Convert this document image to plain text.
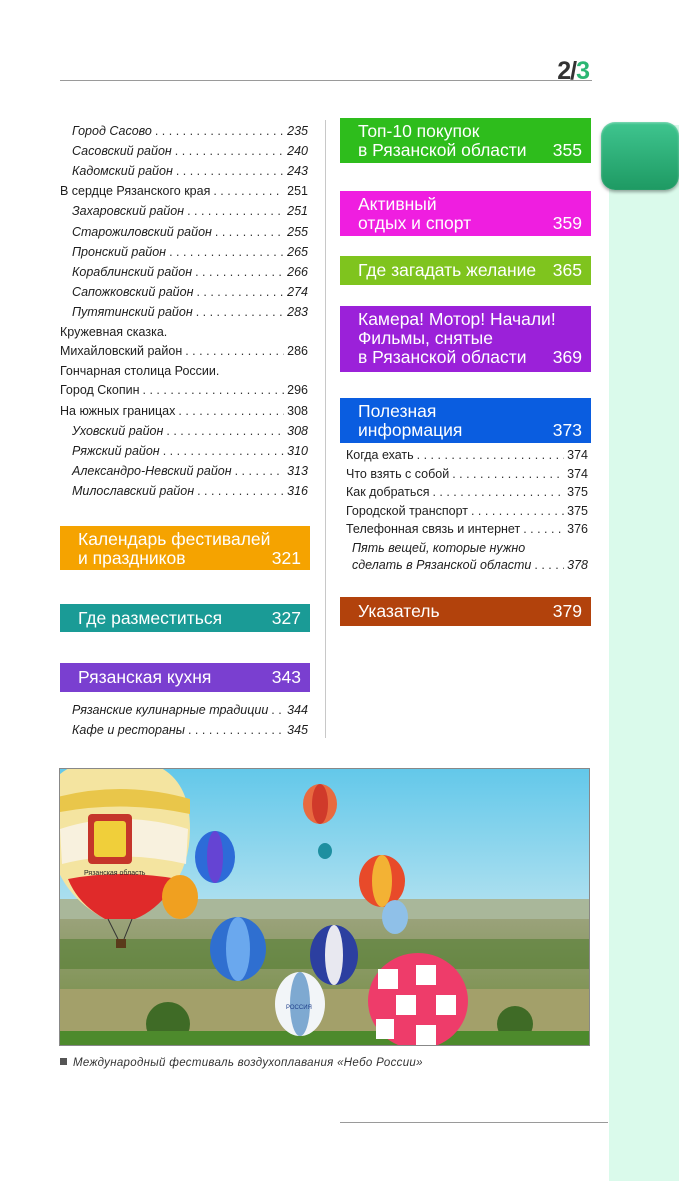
2/3
Город Сасово . . .	235
Сасовский район . . .	240
Кадомский район . . .	243
В сердце Рязанского края . . .	251
Захаровский район . . .	251
Старожиловский район . . .	255
Пронский район . . .	265
Кораблинский район . . .	266
Сапожковский район . . .	274
Путятинский район . . .	283
Кружевная сказка.
Михайловский район . . .	286
Гончарная столица России.
Город Скопин . . .	296
На южных границах . . .	308
Уховский район . . .	308
Ряжский район . . .	310
Александро-Невский район . . .	313
Милославский район . . .	316
Календарь фестивалей
и праздников	321
Где разместиться	327
Рязанская кухня	343
Рязанские кулинарные традиции . . . 344
Кафе и рестораны . . .	345
Топ-10 покупок
в Рязанской области 355
Активный
отдых и спорт	359
Где загадать желание 365
Камера! Мотор! Начали!
Фильмы, снятые
в Рязанской области	369
Полезная
информация	373
Когда ехать . . .	374
Что взять с собой . . .	374
Как добраться . . .	375
Городской транспорт . . .	375
Телефонная связь и интернет . . .	376
Пять вещей, которые нужно
сделать в Рязанской области . . .	378
Указатель	379
Рязанская область
РОССИЯ
Международный фестиваль воздухоплавания «Небо России»
